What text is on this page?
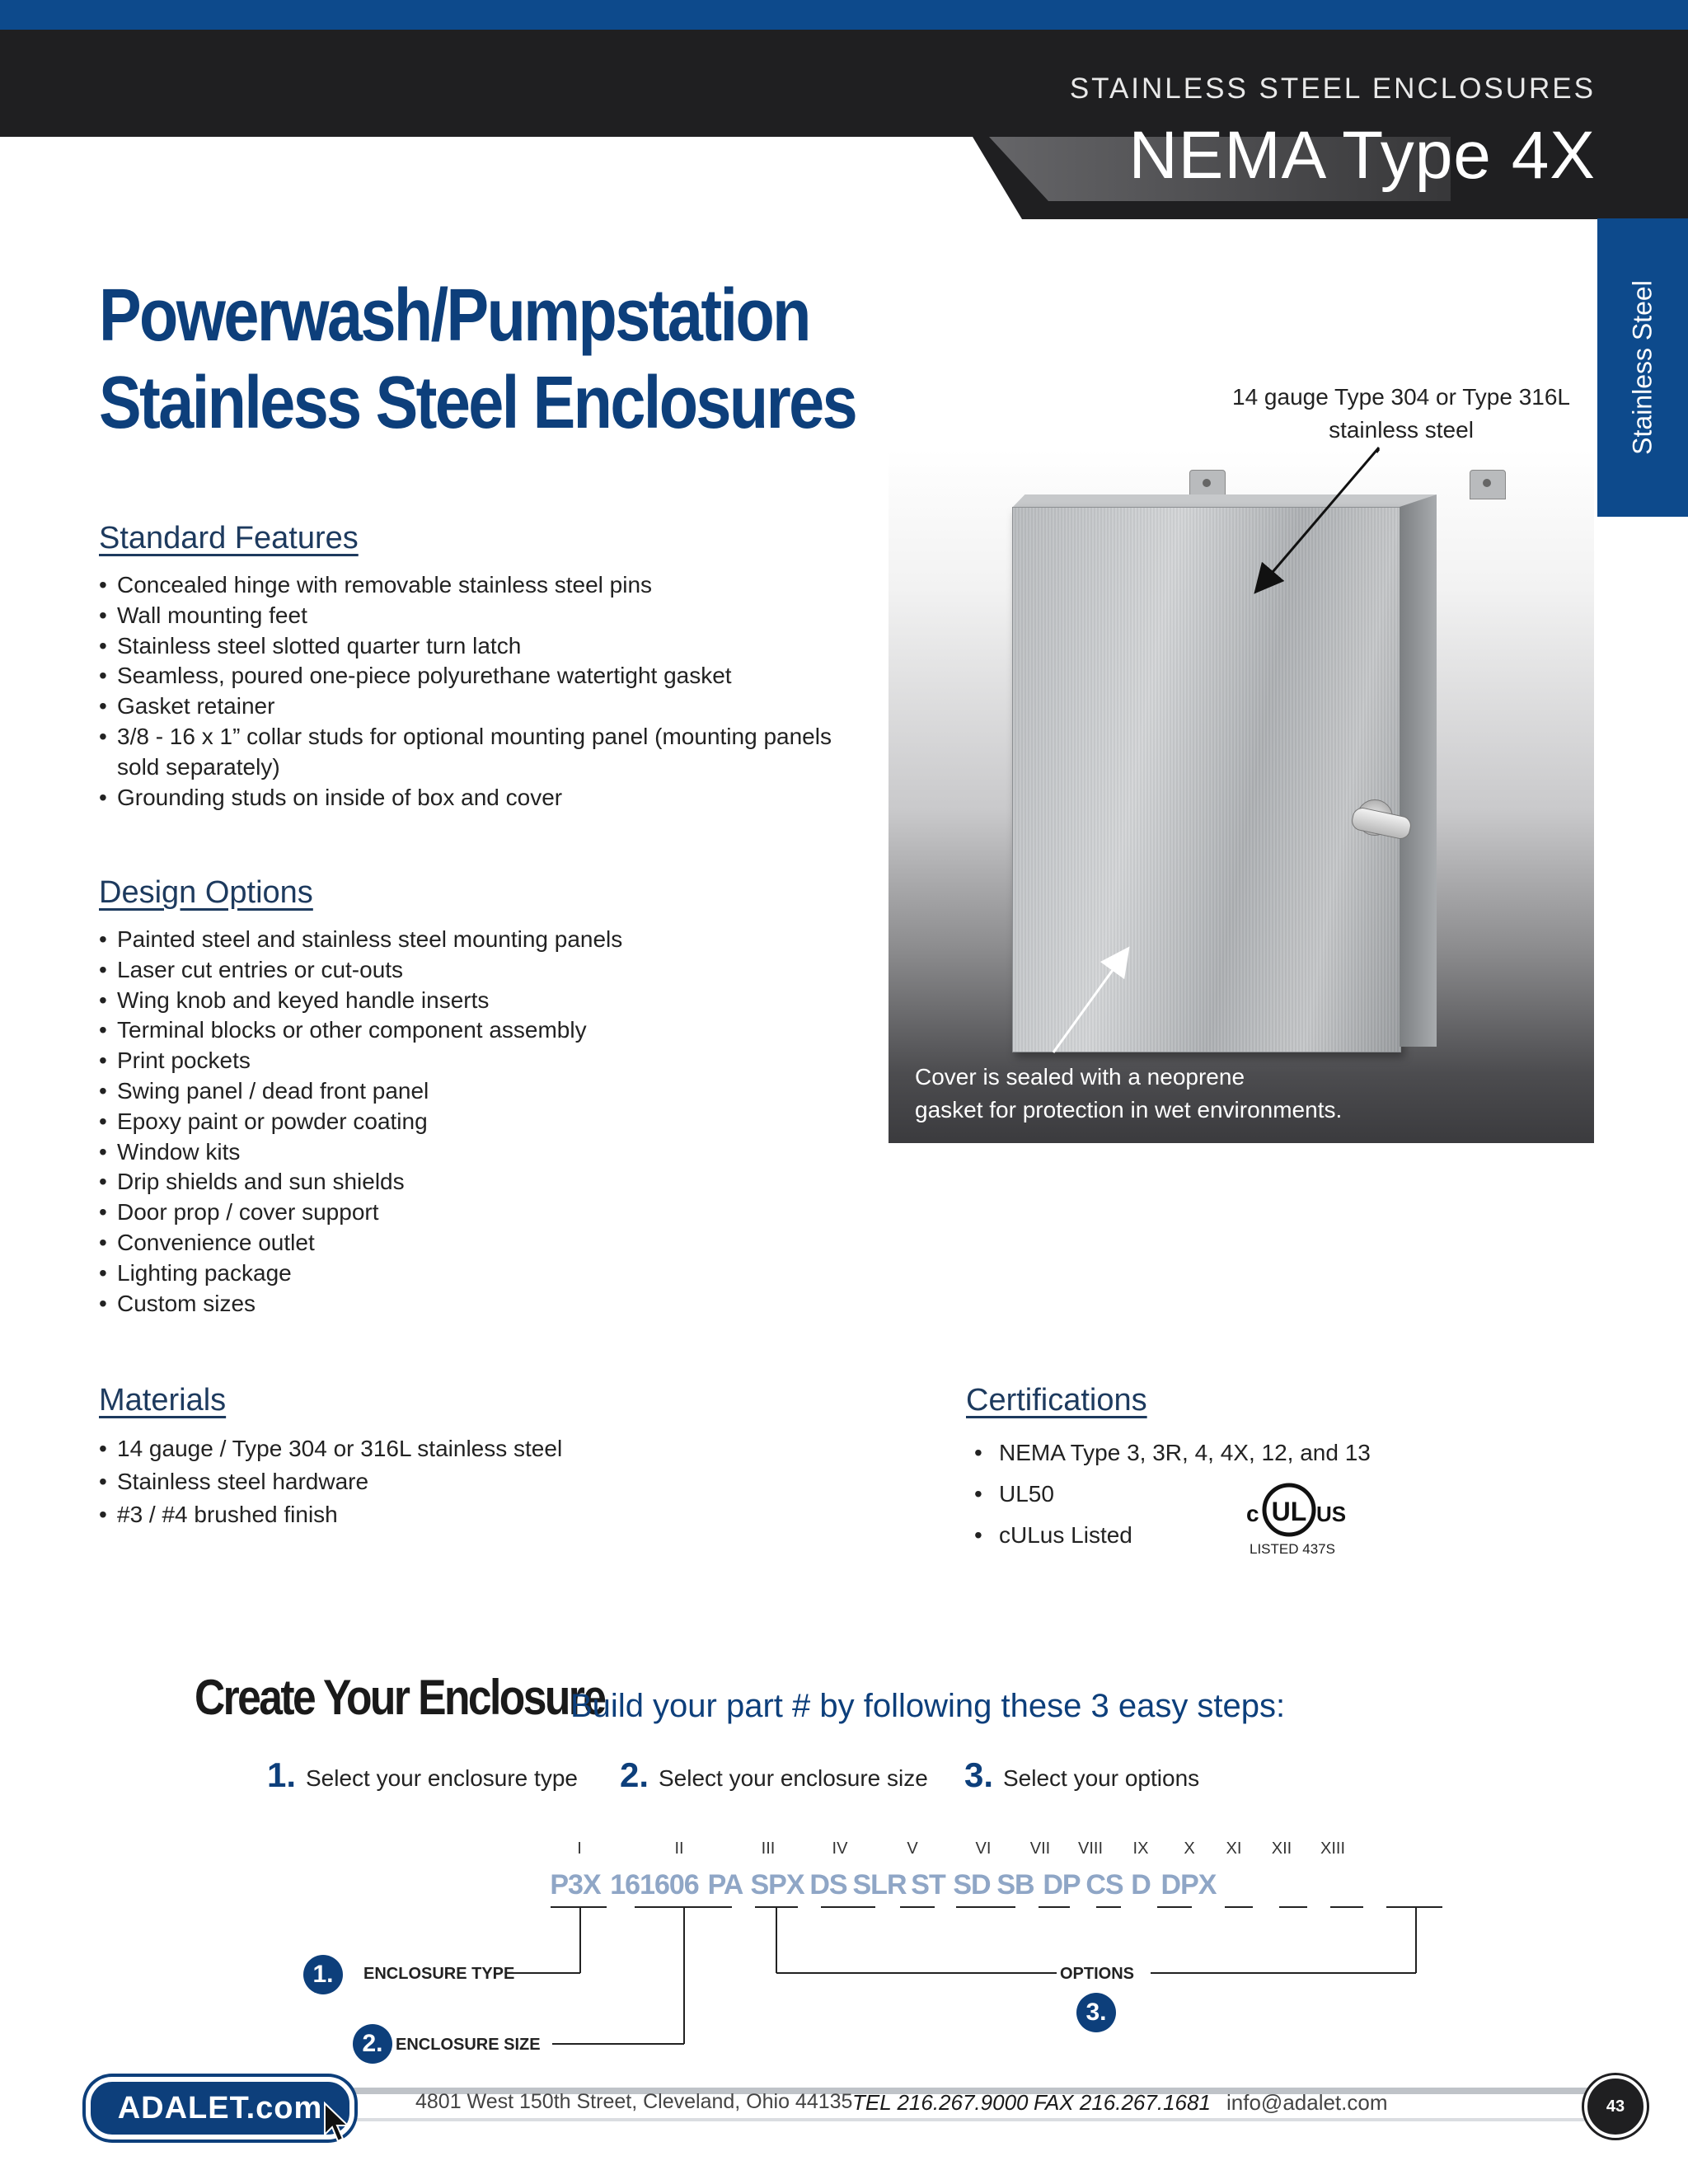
STAINLESS STEEL ENCLOSURES
NEMA Type 4X
Stainless Steel
Powerwash/Pumpstation
Stainless Steel Enclosures
Standard Features
• Concealed hinge with removable stainless steel pins
• Wall mounting feet
• Stainless steel slotted quarter turn latch
• Seamless, poured one-piece polyurethane watertight gasket
• Gasket retainer
• 3/8 - 16 x 1” collar studs for optional mounting panel (mounting panels sold separately)
• Grounding studs on inside of box and cover
Design Options
• Painted steel and stainless steel mounting panels
• Laser cut entries or cut-outs
• Wing knob and keyed handle inserts
• Terminal blocks or other component assembly
• Print pockets
• Swing panel / dead front panel
• Epoxy paint or powder coating
• Window kits
• Drip shields and sun shields
• Door prop / cover support
• Convenience outlet
• Lighting package
• Custom sizes
14 gauge Type 304 or Type 316L stainless steel
Cover is sealed with a neoprene
gasket for protection in wet environments.
Materials
• 14 gauge / Type 304 or 316L stainless steel
• Stainless steel hardware
• #3 / #4 brushed finish
Certifications
• NEMA Type 3, 3R, 4, 4X, 12, and 13
• UL50
• cULus Listed
UL
c	US
LISTED 437S
Create Your Enclosure
Build your part # by following these 3 easy steps:
1. Select your enclosure type 2. Select your enclosure size 3. Select your options
I	II	III	IV	V	VI VII VIII IX X XI XII XIII
P3X 161606 PA SPX DS SLR ST SD SB DP CS D DPX
1.	ENCLOSURE TYPE
2. ENCLOSURE SIZE
OPTIONS
3.
ADALET.com	4801 West 150th Street, Cleveland, Ohio 44135 TEL 216.267.9000 FAX 216.267.1681 info@adalet.com	43
